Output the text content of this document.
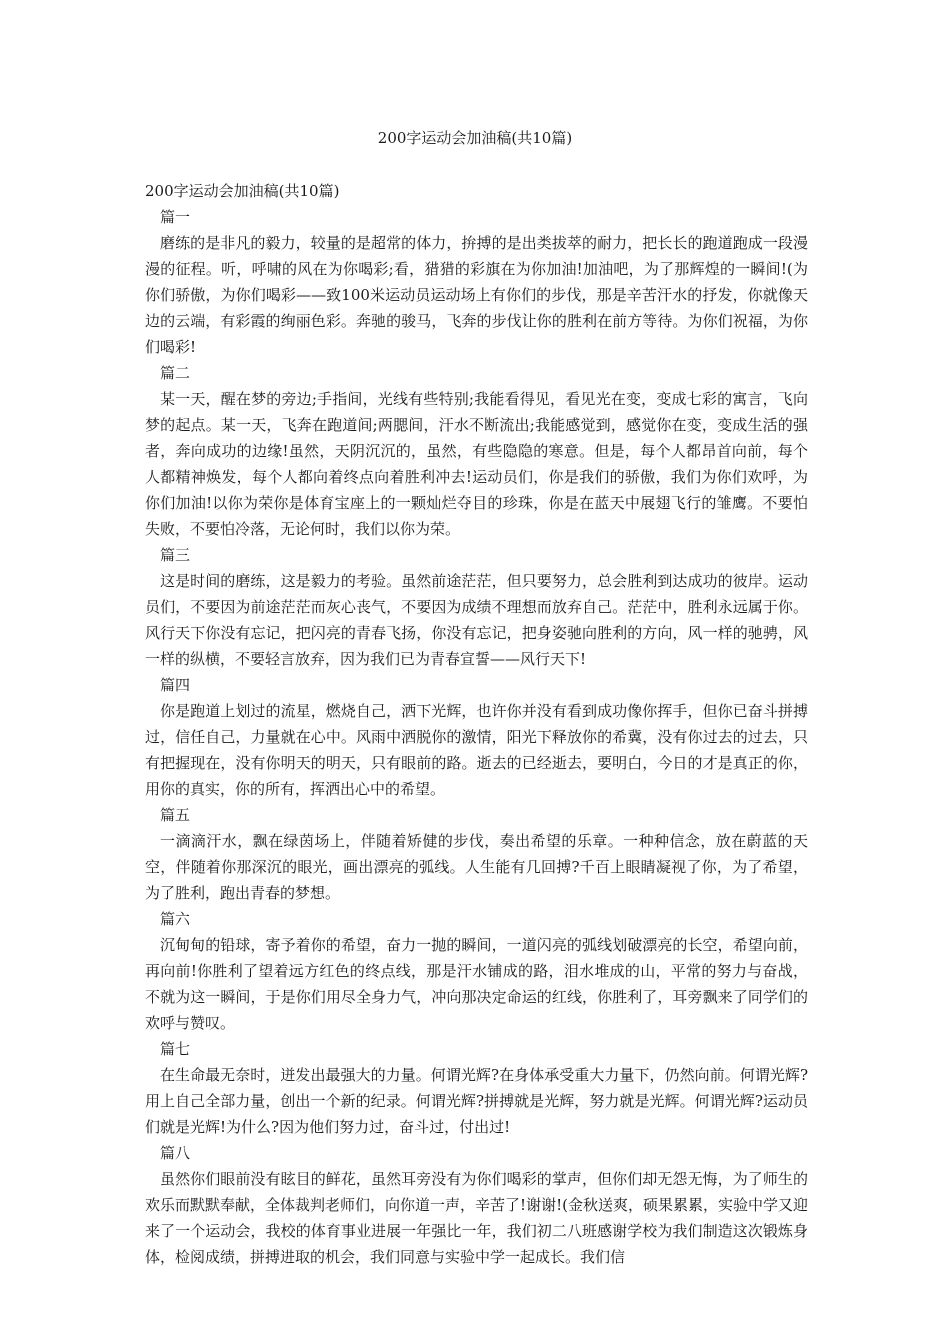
200字运动会加油稿(共10篇)

200字运动会加油稿(共10篇)

篇一

磨练的是非凡的毅力，较量的是超常的体力，拚搏的是出类拔萃的耐力，把长长的跑道跑成一段漫漫的征程。听，呼啸的风在为你喝彩;看，猎猎的彩旗在为你加油!加油吧，为了那辉煌的一瞬间!(为你们骄傲，为你们喝彩——致100米运动员运动场上有你们的步伐，那是辛苦汗水的抒发，你就像天边的云端，有彩霞的绚丽色彩。奔驰的骏马，飞奔的步伐让你的胜利在前方等待。为你们祝福，为你们喝彩!

篇二

某一天，醒在梦的旁边;手指间，光线有些特别;我能看得见，看见光在变，变成七彩的寓言，飞向梦的起点。某一天，飞奔在跑道间;两腮间，汗水不断流出;我能感觉到，感觉你在变，变成生活的强者，奔向成功的边缘!虽然，天阴沉沉的，虽然，有些隐隐的寒意。但是，每个人都昂首向前，每个人都精神焕发，每个人都向着终点向着胜利冲去!运动员们，你是我们的骄傲，我们为你们欢呼，为你们加油!以你为荣你是体育宝座上的一颗灿烂夺目的珍珠，你是在蓝天中展翅飞行的雏鹰。不要怕失败，不要怕冷落，无论何时，我们以你为荣。

篇三

这是时间的磨练，这是毅力的考验。虽然前途茫茫，但只要努力，总会胜利到达成功的彼岸。运动员们，不要因为前途茫茫而灰心丧气，不要因为成绩不理想而放弃自己。茫茫中，胜利永远属于你。风行天下你没有忘记，把闪亮的青春飞扬，你没有忘记，把身姿驰向胜利的方向，风一样的驰骋，风一样的纵横，不要轻言放弃，因为我们已为青春宣誓——风行天下!

篇四

你是跑道上划过的流星，燃烧自己，洒下光辉，也许你并没有看到成功像你挥手，但你已奋斗拼搏过，信任自己，力量就在心中。风雨中洒脱你的激情，阳光下释放你的希冀，没有你过去的过去，只有把握现在，没有你明天的明天，只有眼前的路。逝去的已经逝去，要明白，今日的才是真正的你，用你的真实，你的所有，挥洒出心中的希望。

篇五

一滴滴汗水，飘在绿茵场上，伴随着矫健的步伐，奏出希望的乐章。一种种信念，放在蔚蓝的天空，伴随着你那深沉的眼光，画出漂亮的弧线。人生能有几回搏?千百上眼睛凝视了你，为了希望，为了胜利，跑出青春的梦想。

篇六

沉甸甸的铅球，寄予着你的希望，奋力一抛的瞬间，一道闪亮的弧线划破漂亮的长空，希望向前，再向前!你胜利了望着远方红色的终点线，那是汗水铺成的路，泪水堆成的山，平常的努力与奋战，不就为这一瞬间，于是你们用尽全身力气，冲向那决定命运的红线，你胜利了，耳旁飘来了同学们的欢呼与赞叹。

篇七

在生命最无奈时，迸发出最强大的力量。何谓光辉?在身体承受重大力量下，仍然向前。何谓光辉?用上自己全部力量，创出一个新的纪录。何谓光辉?拼搏就是光辉，努力就是光辉。何谓光辉?运动员们就是光辉!为什么?因为他们努力过，奋斗过，付出过!

篇八

虽然你们眼前没有眩目的鲜花，虽然耳旁没有为你们喝彩的掌声，但你们却无怨无悔，为了师生的欢乐而默默奉献，全体裁判老师们，向你道一声，辛苦了!谢谢!(金秋送爽，硕果累累，实验中学又迎来了一个运动会，我校的体育事业进展一年强比一年，我们初二八班感谢学校为我们制造这次锻炼身体，检阅成绩，拼搏进取的机会，我们同意与实验中学一起成长。我们信
